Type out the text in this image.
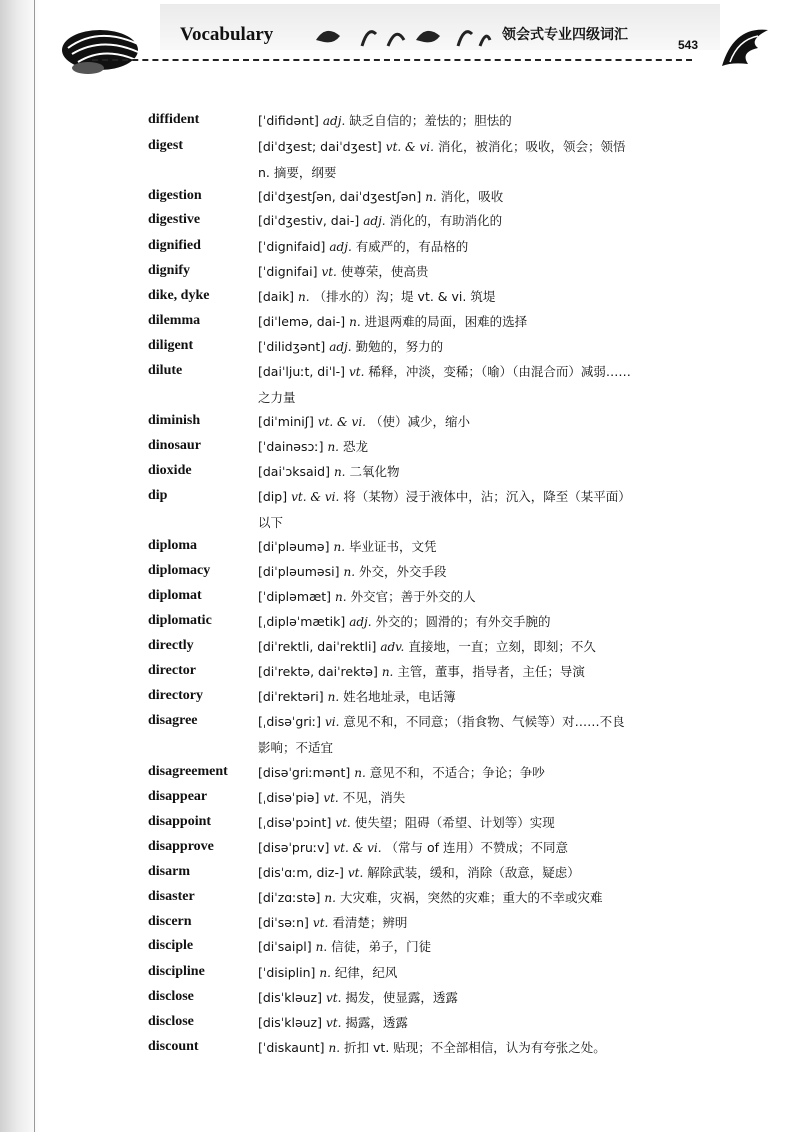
Vocabulary	领会式专业四级词汇
543
diffident	[ˈdifidənt] adj. 缺乏自信的；羞怯的；胆怯的
digest	[diˈdʒest; daiˈdʒest] vt. & vi. 消化，被消化；吸收，领会；领悟
n. 摘要，纲要
digestion	[diˈdʒestʃən, daiˈdʒestʃən] n. 消化，吸收
digestive	[diˈdʒestiv, dai-] adj. 消化的，有助消化的
dignified	[ˈdignifaid] adj. 有威严的，有品格的
dignify	[ˈdignifai] vt. 使尊荣，使高贵
dike, dyke	[daik] n. （排水的）沟；堤 vt. & vi. 筑堤
dilemma	[diˈlemə, dai-] n. 进退两难的局面，困难的选择
diligent	[ˈdilidʒənt] adj. 勤勉的，努力的
dilute	[daiˈljuːt, diˈl-] vt. 稀释，冲淡，变稀；（喻）（由混合而）减弱……
之力量
diminish	[diˈminiʃ] vt. & vi. （使）减少，缩小
dinosaur	[ˈdainəsɔː] n. 恐龙
dioxide	[daiˈɔksaid] n. 二氧化物
dip	[dip] vt. & vi. 将（某物）浸于液体中，沾；沉入，降至（某平面）
以下
diploma	[diˈpləumə] n. 毕业证书，文凭
diplomacy	[diˈpləuməsi] n. 外交，外交手段
diplomat	[ˈdipləmæt] n. 外交官；善于外交的人
diplomatic	[ˌdipləˈmætik] adj. 外交的；圆滑的；有外交手腕的
directly	[diˈrektli, daiˈrektli] adv. 直接地，一直；立刻，即刻；不久
director	[diˈrektə, daiˈrektə] n. 主管，董事，指导者，主任；导演
directory	[diˈrektəri] n. 姓名地址录，电话簿
disagree	[ˌdisəˈgriː] vi. 意见不和，不同意；（指食物、气候等）对……不良
影响；不适宜
disagreement	[disəˈgriːmənt] n. 意见不和，不适合；争论；争吵
disappear	[ˌdisəˈpiə] vt. 不见，消失
disappoint	[ˌdisəˈpɔint] vt. 使失望；阻碍（希望、计划等）实现
disapprove	[disəˈpruːv] vt. & vi. （常与 of 连用）不赞成；不同意
disarm	[disˈɑːm, diz-] vt. 解除武装，缓和，消除（敌意，疑虑）
disaster	[diˈzɑːstə] n. 大灾难，灾祸，突然的灾难；重大的不幸或灾难
discern	[diˈsəːn] vt. 看清楚；辨明
disciple	[diˈsaipl] n. 信徒，弟子，门徒
discipline	[ˈdisiplin] n. 纪律，纪风
disclose	[disˈkləuz] vt. 揭发，使显露，透露
disclose	[disˈkləuz] vt. 揭露，透露
discount	[ˈdiskaunt] n. 折扣 vt. 贴现；不全部相信，认为有夸张之处。
